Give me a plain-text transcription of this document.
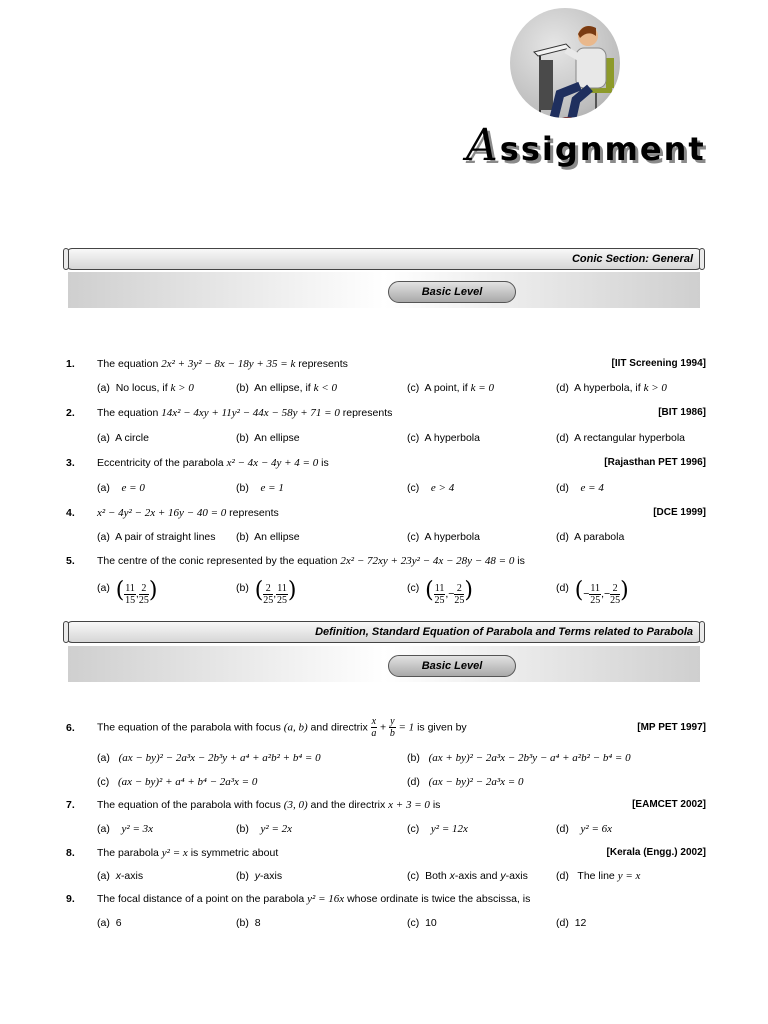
Assignment
Conic Section: General
Basic Level
1. The equation 2x² + 3y² − 8x − 18y + 35 = k represents	[IIT Screening 1994]
(a) No locus, if k > 0	(b) An ellipse, if k < 0	(c) A point, if k = 0	(d) A hyperbola, if k > 0
2. The equation 14x² − 4xy + 11y² − 44x − 58y + 71 = 0 represents	[BIT 1986]
(a) A circle	(b) An ellipse	(c) A hyperbola	(d) A rectangular hyperbola
3. Eccentricity of the parabola x² − 4x − 4y + 4 = 0 is	[Rajasthan PET 1996]
(a) e = 0	(b) e = 1	(c) e > 4	(d) e = 4
4. x² − 4y² − 2x + 16y − 40 = 0 represents	[DCE 1999]
(a) A pair of straight lines (b) An ellipse	(c) A hyperbola	(d) A parabola
5. The centre of the conic represented by the equation 2x² − 72xy + 23y² − 4x − 28y − 48 = 0 is
(a) ( $\frac{11}{15}$ , $\frac{2}{25}$ )	(b) ( $\frac{2}{25}$ , $\frac{11}{25}$ )	(c) ( $\frac{11}{25}$ ,− $\frac{2}{25}$ )	(d) (− $\frac{11}{25}$ ,− $\frac{2}{25}$ )
Definition, Standard Equation of Parabola and Terms related to Parabola
Basic Level
6. The equation of the parabola with focus (a, b) and directrix $\frac{x}{a} + \frac{y}{b} = 1$ is given by	[MP PET 1997]
(a) (ax − by)² − 2a³x − 2b³y + a⁴ + a²b² + b⁴ = 0	(b) (ax + by)² − 2a³x − 2b³y − a⁴ + a²b² − b⁴ = 0
(c) (ax − by)² + a⁴ + b⁴ − 2a³x = 0	(d) (ax − by)² − 2a³x = 0
7. The equation of the parabola with focus (3, 0) and the directrix x + 3 = 0 is	[EAMCET 2002]
(a) y² = 3x	(b) y² = 2x	(c) y² = 12x	(d) y² = 6x
8. The parabola y² = x is symmetric about	[Kerala (Engg.) 2002]
(a) x-axis	(b) y-axis	(c) Both x-axis and y-axis	(d) The line y = x
9. The focal distance of a point on the parabola y² = 16x whose ordinate is twice the abscissa, is
(a) 6	(b) 8	(c) 10	(d) 12
